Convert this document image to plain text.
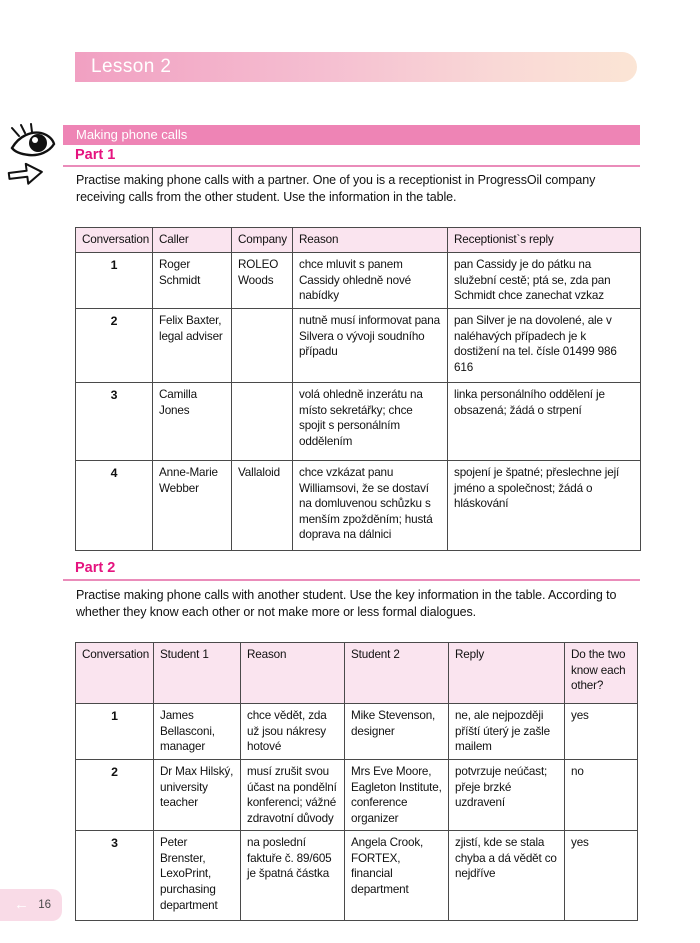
Lesson 2
Making phone calls
Part 1
Practise making phone calls with a partner. One of you is a receptionist in ProgressOil company receiving calls from the other student. Use the information in the table.
Conversation	Caller	Company	Reason	Receptionist`s reply
1	Roger Schmidt	ROLEO Woods	chce mluvit s panem Cassidy ohledně nové nabídky	pan Cassidy je do pátku na služební cestě; ptá se, zda pan Schmidt chce zanechat vzkaz
2	Felix Baxter, legal adviser		nutně musí informovat pana Silvera o vývoji soudního případu	pan Silver je na dovolené, ale v naléhavých případech je k dostižení na tel. čísle 01499 986 616
3	Camilla Jones		volá ohledně inzerátu na místo sekretářky; chce spojit s personálním oddělením	linka personálního oddělení je obsazená; žádá o strpení
4	Anne-Marie Webber	Vallaloid	chce vzkázat panu Williamsovi, že se dostaví na domluvenou schůzku s menším zpožděním; hustá doprava na dálnici	spojení je špatné; přeslechne její jméno a společnost; žádá o hláskování
Part 2
Practise making phone calls with another student. Use the key information in the table. According to whether they know each other or not make more or less formal dialogues.
Conversation	Student 1	Reason	Student 2	Reply	Do the two know each other?
1	James Bellasconi, manager	chce vědět, zda už jsou nákresy hotové	Mike Stevenson, designer	ne, ale nejpozději příští úterý je zašle mailem	yes
2	Dr Max Hilský, university teacher	musí zrušit svou účast na pondělní konferenci; vážné zdravotní důvody	Mrs Eve Moore, Eagleton Institute, conference organizer	potvrzuje neúčast; přeje brzké uzdravení	no
3	Peter Brenster, LexoPrint, purchasing department	na poslední faktuře č. 89/605 je špatná částka	Angela Crook, FORTEX, financial department	zjistí, kde se stala chyba a dá vědět co nejdříve	yes
← 16
